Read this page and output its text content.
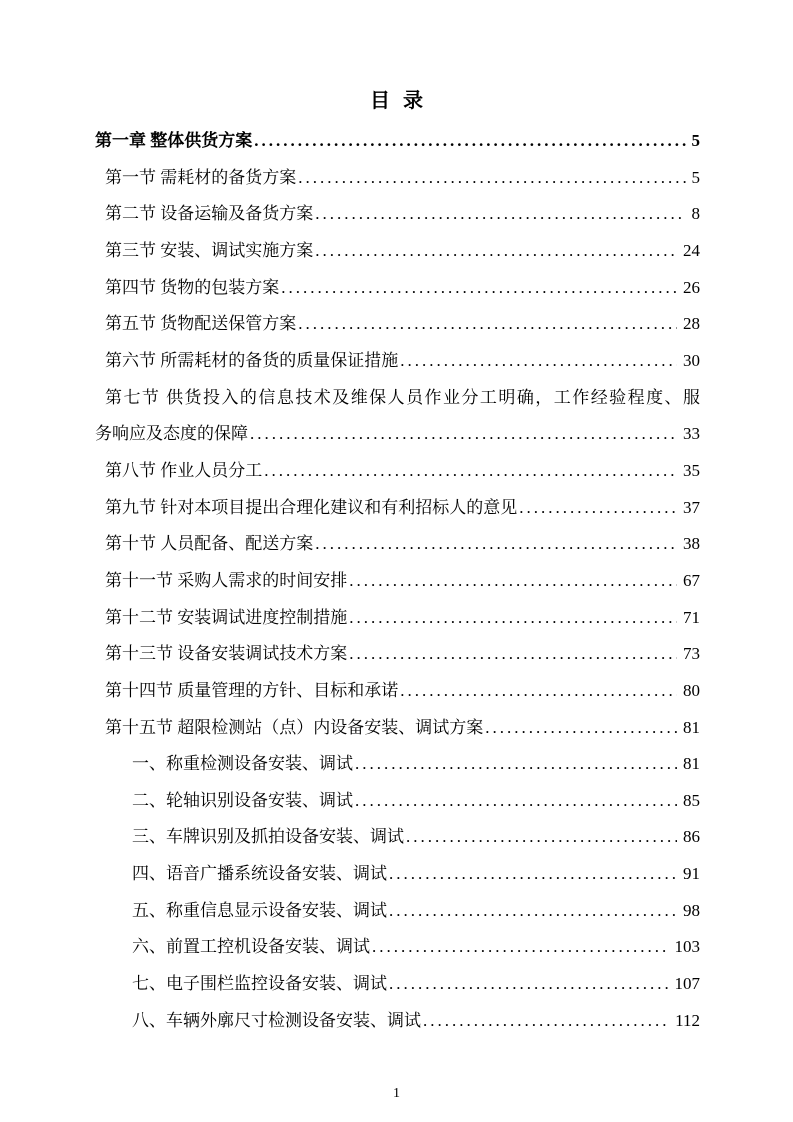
目 录
第一章 整体供货方案 .....	5
第一节 需耗材的备货方案 .....	5
第二节 设备运输及备货方案 .....	8
第三节 安装、调试实施方案 .....	24
第四节 货物的包装方案 .....	26
第五节 货物配送保管方案 .....	28
第六节 所需耗材的备货的质量保证措施 .....	30
第七节 供货投入的信息技术及维保人员作业分工明确，工作经验程度、服
务响应及态度的保障 .....	33
第八节 作业人员分工 .....	35
第九节 针对本项目提出合理化建议和有利招标人的意见 .....	37
第十节 人员配备、配送方案 .....	38
第十一节 采购人需求的时间安排 .....	67
第十二节 安装调试进度控制措施 .....	71
第十三节 设备安装调试技术方案 .....	73
第十四节 质量管理的方针、目标和承诺 .....	80
第十五节 超限检测站（点）内设备安装、调试方案 .....	81
一、称重检测设备安装、调试 .....	81
二、轮轴识别设备安装、调试 .....	85
三、车牌识别及抓拍设备安装、调试 .....	86
四、语音广播系统设备安装、调试 .....	91
五、称重信息显示设备安装、调试 .....	98
六、前置工控机设备安装、调试 .....	103
七、电子围栏监控设备安装、调试 .....	107
八、车辆外廓尺寸检测设备安装、调试 .....	112
1
